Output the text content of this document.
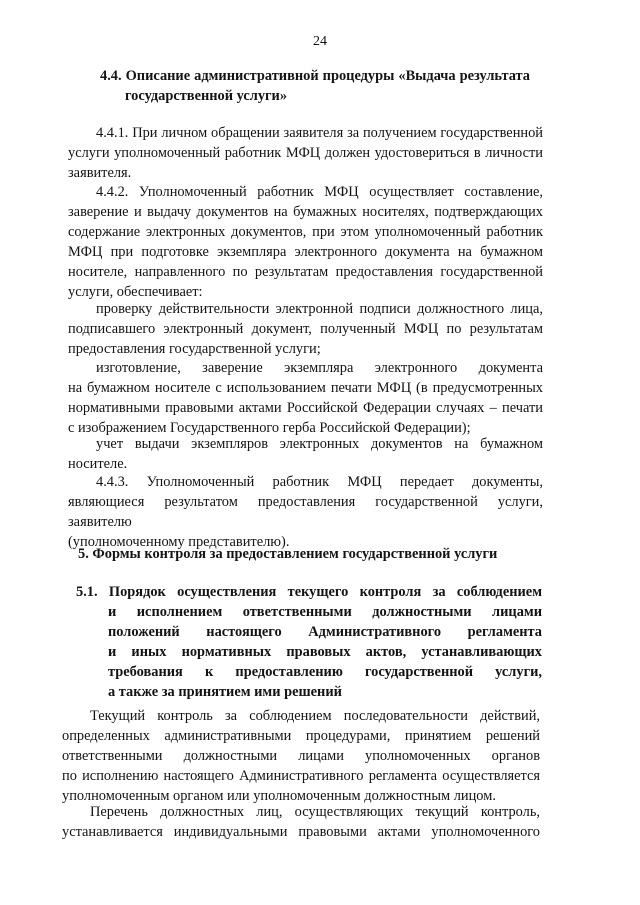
24
4.4. Описание административной процедуры «Выдача результата
государственной услуги»
4.4.1. При личном обращении заявителя за получением государственной
услуги уполномоченный работник МФЦ должен удостовериться в личности
заявителя.
4.4.2. Уполномоченный работник МФЦ осуществляет составление,
заверение и выдачу документов на бумажных носителях, подтверждающих
содержание электронных документов, при этом уполномоченный работник
МФЦ при подготовке экземпляра электронного документа на бумажном
носителе, направленного по результатам предоставления государственной
услуги, обеспечивает:
проверку действительности электронной подписи должностного лица,
подписавшего электронный документ, полученный МФЦ по результатам
предоставления государственной услуги;
изготовление, заверение экземпляра электронного документа
на бумажном носителе с использованием печати МФЦ (в предусмотренных
нормативными правовыми актами Российской Федерации случаях – печати
с изображением Государственного герба Российской Федерации);
учет выдачи экземпляров электронных документов на бумажном
носителе.
4.4.3. Уполномоченный работник МФЦ передает документы,
являющиеся результатом предоставления государственной услуги, заявителю
(уполномоченному представителю).
5. Формы контроля за предоставлением государственной услуги
5.1. Порядок осуществления текущего контроля за соблюдением
и исполнением ответственными должностными лицами
положений настоящего Административного регламента
и иных нормативных правовых актов, устанавливающих
требования к предоставлению государственной услуги,
а также за принятием ими решений
Текущий контроль за соблюдением последовательности действий,
определенных административными процедурами, принятием решений
ответственными должностными лицами уполномоченных органов
по исполнению настоящего Административного регламента осуществляется
уполномоченным органом или уполномоченным должностным лицом.
Перечень должностных лиц, осуществляющих текущий контроль,
устанавливается индивидуальными правовыми актами уполномоченного
